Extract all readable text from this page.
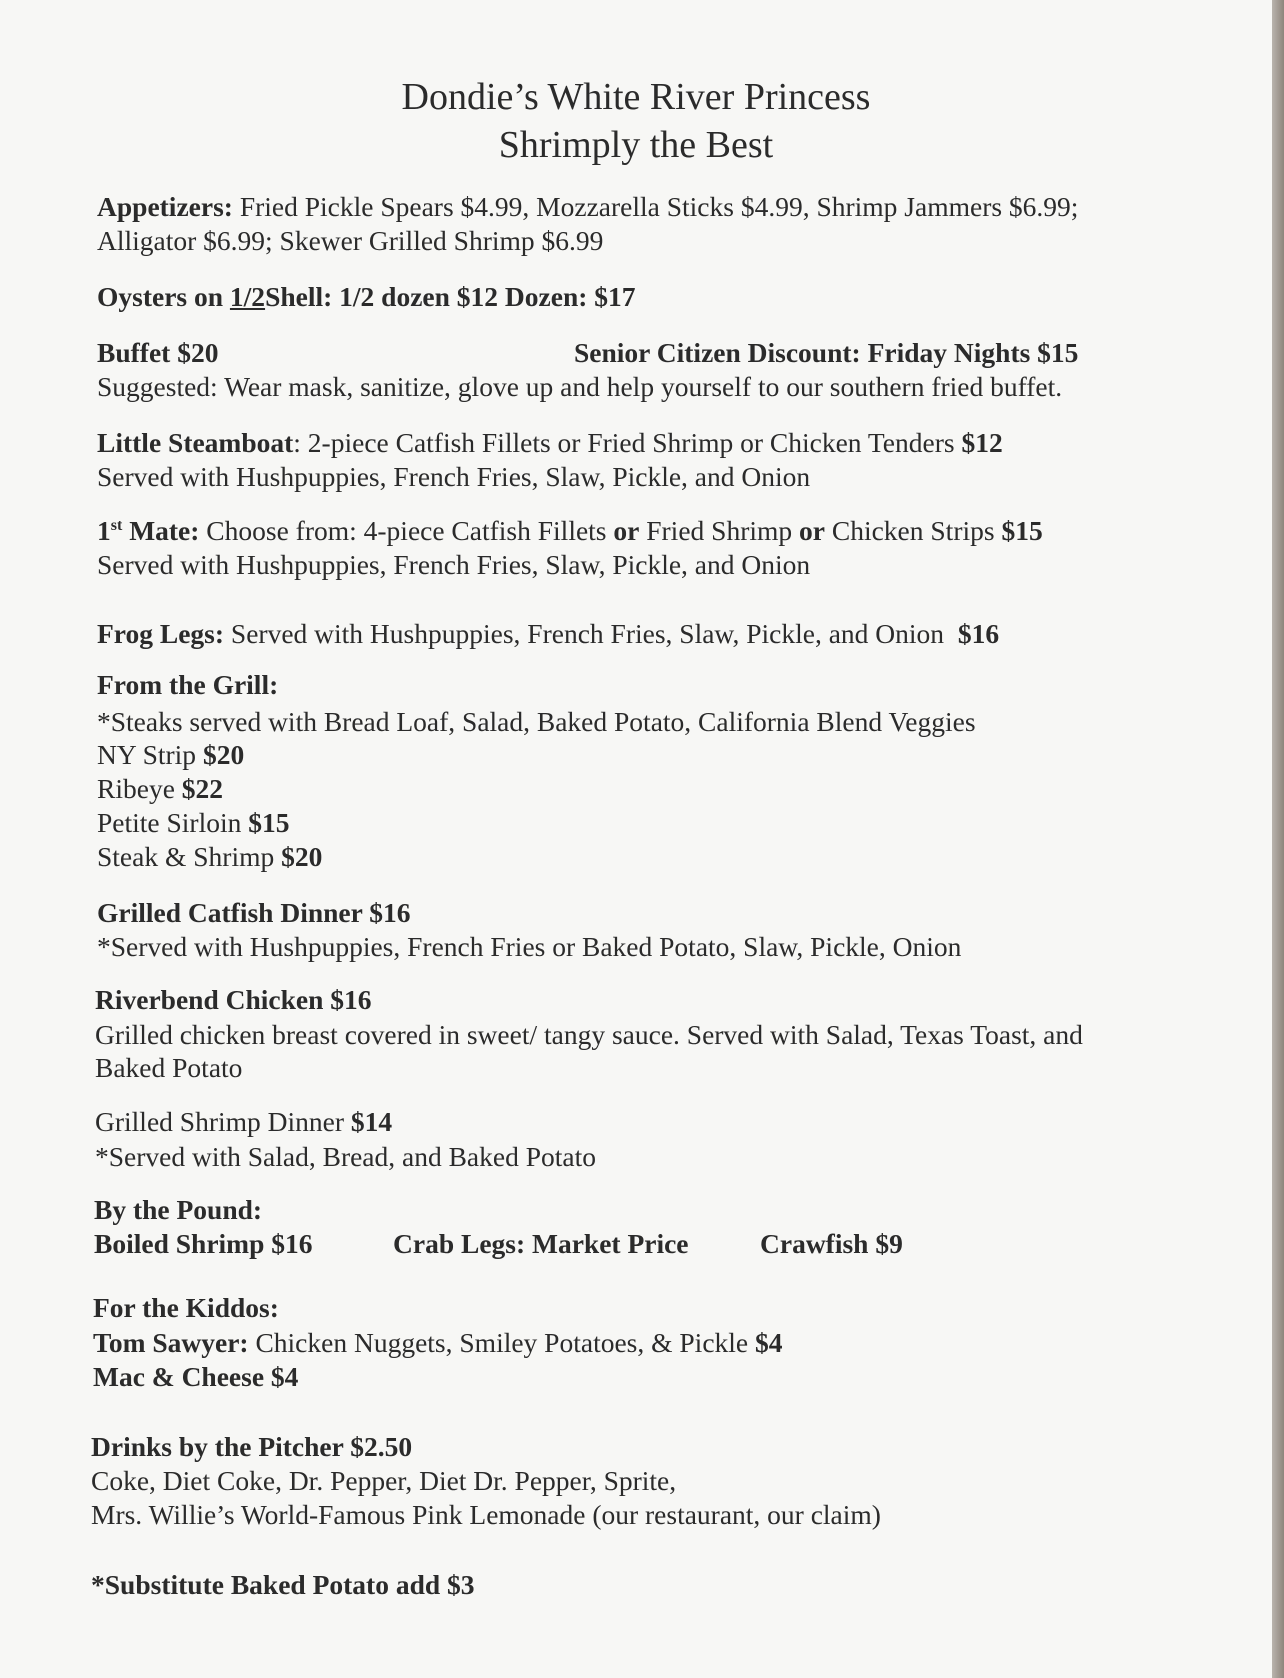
Dondie’s White River Princess
Shrimply the Best
Appetizers: Fried Pickle Spears $4.99, Mozzarella Sticks $4.99, Shrimp Jammers $6.99;
Alligator $6.99; Skewer Grilled Shrimp $6.99
Oysters on 1/2Shell: 1/2 dozen $12 Dozen: $17
Buffet $20	Senior Citizen Discount: Friday Nights $15
Suggested: Wear mask, sanitize, glove up and help yourself to our southern fried buffet.
Little Steamboat: 2-piece Catfish Fillets or Fried Shrimp or Chicken Tenders $12
Served with Hushpuppies, French Fries, Slaw, Pickle, and Onion
1st Mate: Choose from: 4-piece Catfish Fillets or Fried Shrimp or Chicken Strips $15
Served with Hushpuppies, French Fries, Slaw, Pickle, and Onion
Frog Legs: Served with Hushpuppies, French Fries, Slaw, Pickle, and Onion $16
From the Grill:
*Steaks served with Bread Loaf, Salad, Baked Potato, California Blend Veggies
NY Strip $20
Ribeye $22
Petite Sirloin $15
Steak & Shrimp $20
Grilled Catfish Dinner $16
*Served with Hushpuppies, French Fries or Baked Potato, Slaw, Pickle, Onion
Riverbend Chicken $16
Grilled chicken breast covered in sweet/ tangy sauce. Served with Salad, Texas Toast, and
Baked Potato
Grilled Shrimp Dinner $14
*Served with Salad, Bread, and Baked Potato
By the Pound:
Boiled Shrimp $16	Crab Legs: Market Price	Crawfish $9
For the Kiddos:
Tom Sawyer: Chicken Nuggets, Smiley Potatoes, & Pickle $4
Mac & Cheese $4
Drinks by the Pitcher $2.50
Coke, Diet Coke, Dr. Pepper, Diet Dr. Pepper, Sprite,
Mrs. Willie’s World-Famous Pink Lemonade (our restaurant, our claim)
*Substitute Baked Potato add $3
